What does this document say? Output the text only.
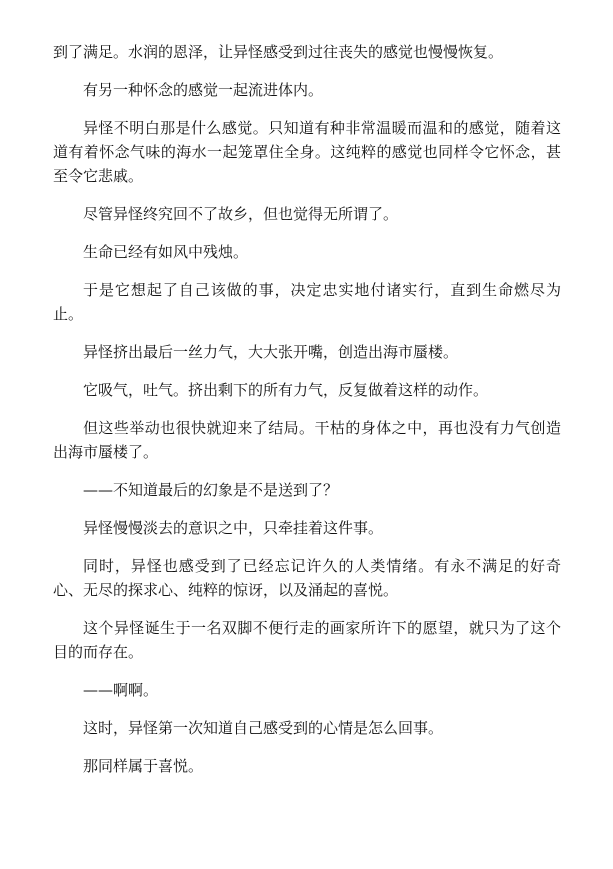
到了满足。水润的恩泽，让异怪感受到过往丧失的感觉也慢慢恢复。

有另一种怀念的感觉一起流进体内。

异怪不明白那是什么感觉。只知道有种非常温暖而温和的感觉，随着这道有着怀念气味的海水一起笼罩住全身。这纯粹的感觉也同样令它怀念，甚至令它悲戚。

尽管异怪终究回不了故乡，但也觉得无所谓了。

生命已经有如风中残烛。

于是它想起了自己该做的事，决定忠实地付诸实行，直到生命燃尽为止。

异怪挤出最后一丝力气，大大张开嘴，创造出海市蜃楼。

它吸气，吐气。挤出剩下的所有力气，反复做着这样的动作。

但这些举动也很快就迎来了结局。干枯的身体之中，再也没有力气创造出海市蜃楼了。

——不知道最后的幻象是不是送到了？

异怪慢慢淡去的意识之中，只牵挂着这件事。

同时，异怪也感受到了已经忘记许久的人类情绪。有永不满足的好奇心、无尽的探求心、纯粹的惊讶，以及涌起的喜悦。

这个异怪诞生于一名双脚不便行走的画家所许下的愿望，就只为了这个目的而存在。

——啊啊。

这时，异怪第一次知道自己感受到的心情是怎么回事。

那同样属于喜悦。
